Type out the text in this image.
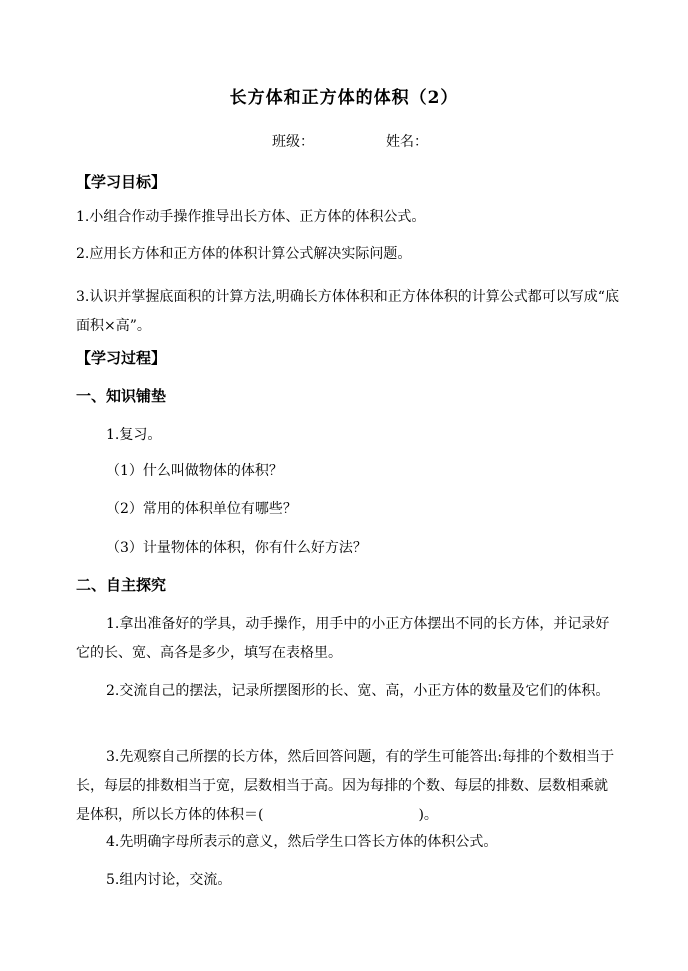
长方体和正方体的体积（2）
班级：	姓名：
【学习目标】
1.小组合作动手操作推导出长方体、正方体的体积公式。
2.应用长方体和正方体的体积计算公式解决实际问题。
3.认识并掌握底面积的计算方法,明确长方体体积和正方体体积的计算公式都可以写成“底面积×高”。
【学习过程】
一、知识铺垫
1.复习。
（1）什么叫做物体的体积？
（2）常用的体积单位有哪些？
（3）计量物体的体积，你有什么好方法？
二、自主探究
1.拿出准备好的学具，动手操作，用手中的小正方体摆出不同的长方体，并记录好它的长、宽、高各是多少，填写在表格里。
2.交流自己的摆法，记录所摆图形的长、宽、高，小正方体的数量及它们的体积。
3.先观察自己所摆的长方体，然后回答问题，有的学生可能答出:每排的个数相当于长，每层的排数相当于宽，层数相当于高。因为每排的个数、每层的排数、层数相乘就是体积，所以长方体的体积＝(	)。
4.先明确字母所表示的意义，然后学生口答长方体的体积公式。
5.组内讨论，交流。
